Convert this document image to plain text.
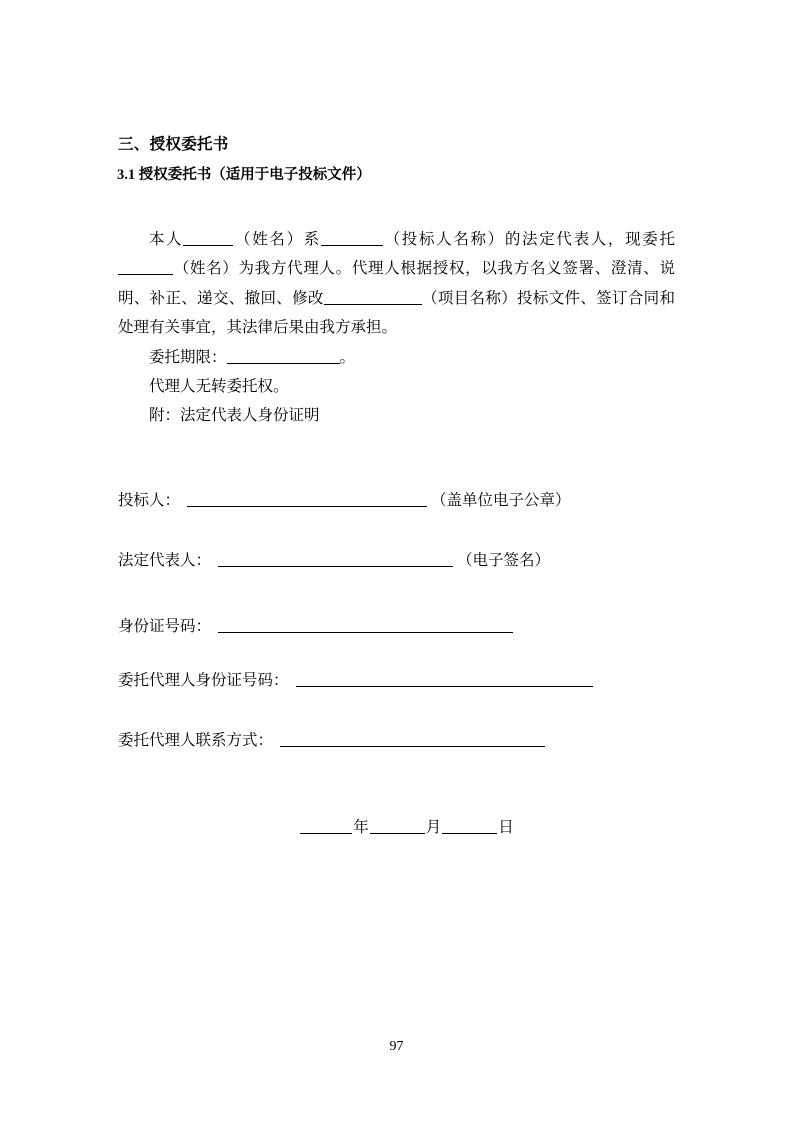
三、授权委托书
3.1 授权委托书（适用于电子投标文件）
本人	（姓名）系	（投标人名称）的法定代表人，现委托
（姓名）为我方代理人。代理人根据授权，以我方名义签署、澄清、说
明、补正、递交、撤回、修改	（项目名称）投标文件、签订合同和
处理有关事宜，其法律后果由我方承担。
委托期限：	。
代理人无转委托权。
附：法定代表人身份证明
投标人：	（盖单位电子公章）
法定代表人：	（电子签名）
身份证号码：
委托代理人身份证号码：
委托代理人联系方式：
年	月	日
97
